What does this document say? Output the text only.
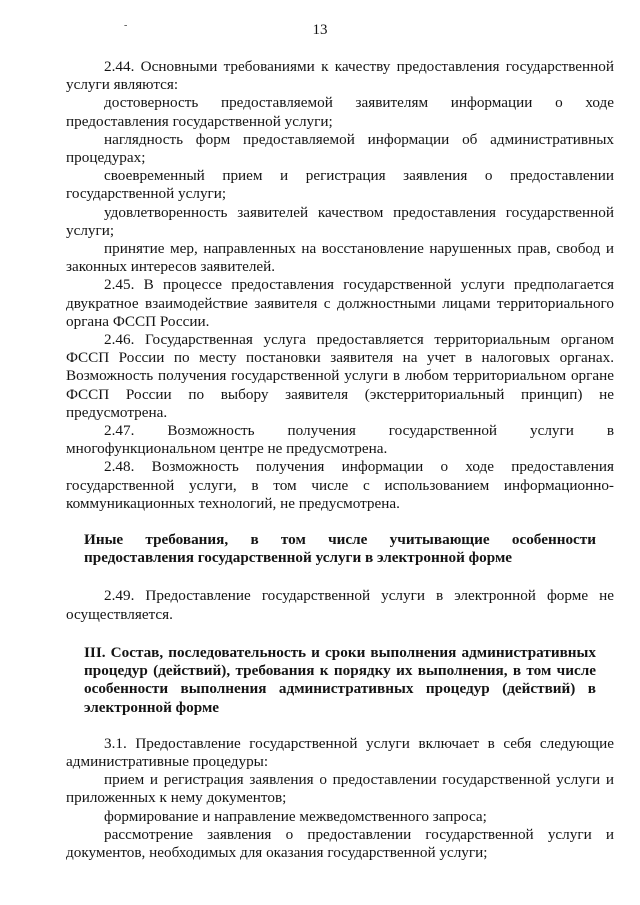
-	13

2.44. Основными требованиями к качеству предоставления государственной услуги являются:

достоверность предоставляемой заявителям информации о ходе предоставления государственной услуги;

наглядность форм предоставляемой информации об административных процедурах;

своевременный прием и регистрация заявления о предоставлении государственной услуги;

удовлетворенность заявителей качеством предоставления государственной услуги;

принятие мер, направленных на восстановление нарушенных прав, свобод и законных интересов заявителей.

2.45. В процессе предоставления государственной услуги предполагается двукратное взаимодействие заявителя с должностными лицами территориального органа ФССП России.

2.46. Государственная услуга предоставляется территориальным органом ФССП России по месту постановки заявителя на учет в налоговых органах. Возможность получения государственной услуги в любом территориальном органе ФССП России по выбору заявителя (экстерриториальный принцип) не предусмотрена.

2.47. Возможность получения государственной услуги в многофункциональном центре не предусмотрена.

2.48. Возможность получения информации о ходе предоставления государственной услуги, в том числе с использованием информационно-коммуникационных технологий, не предусмотрена.

Иные требования, в том числе учитывающие особенности предоставления государственной услуги в электронной форме

2.49. Предоставление государственной услуги в электронной форме не осуществляется.

III. Состав, последовательность и сроки выполнения административных процедур (действий), требования к порядку их выполнения, в том числе особенности выполнения административных процедур (действий) в электронной форме

3.1. Предоставление государственной услуги включает в себя следующие административные процедуры:

прием и регистрация заявления о предоставлении государственной услуги и приложенных к нему документов;

формирование и направление межведомственного запроса;

рассмотрение заявления о предоставлении государственной услуги и документов, необходимых для оказания государственной услуги;
